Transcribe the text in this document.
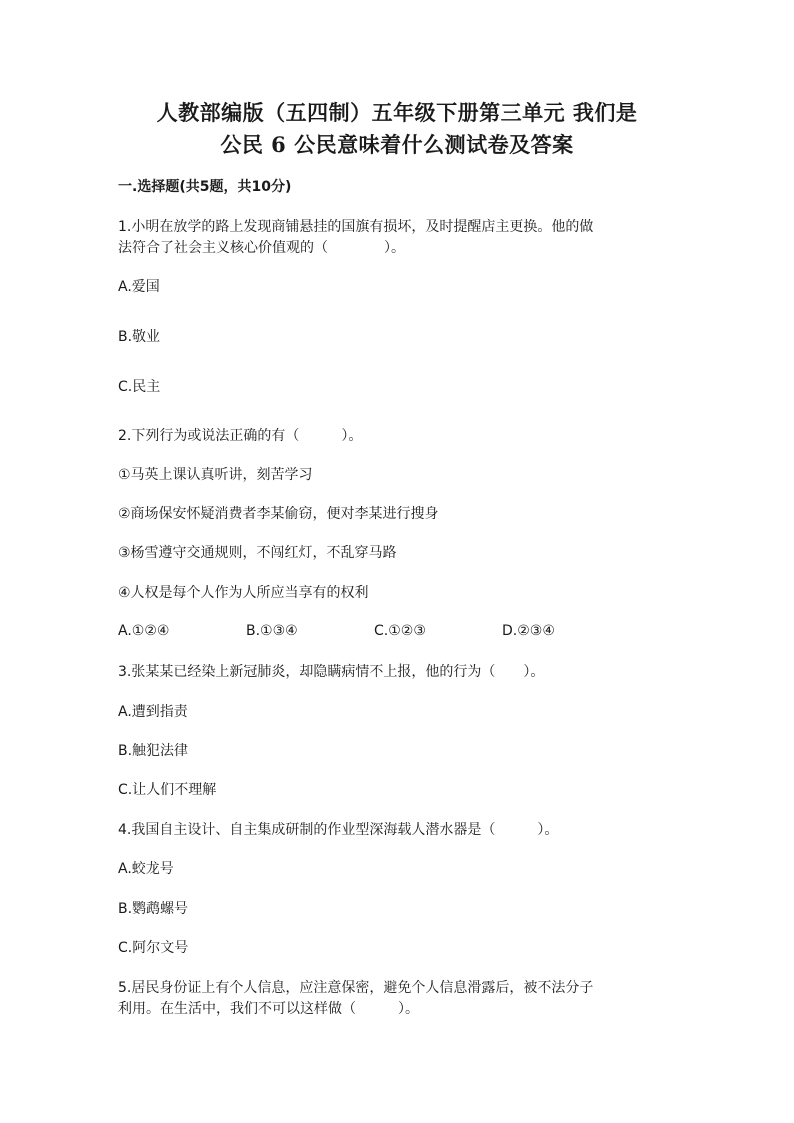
人教部编版（五四制）五年级下册第三单元 我们是
公民 6 公民意味着什么测试卷及答案
一.选择题(共5题，共10分)
1.小明在放学的路上发现商铺悬挂的国旗有损坏，及时提醒店主更换。他的做
法符合了社会主义核心价值观的（　　　　）。
A.爱国
B.敬业
C.民主
2.下列行为或说法正确的有（　　　）。
①马英上课认真听讲，刻苦学习
②商场保安怀疑消费者李某偷窃，便对李某进行搜身
③杨雪遵守交通规则，不闯红灯，不乱穿马路
④人权是每个人作为人所应当享有的权利
A.①②④	B.①③④	C.①②③	D.②③④
3.张某某已经染上新冠肺炎，却隐瞒病情不上报，他的行为（　　）。
A.遭到指责
B.触犯法律
C.让人们不理解
4.我国自主设计、自主集成研制的作业型深海载人潜水器是（　　　）。
A.蛟龙号
B.鹦鹉螺号
C.阿尔文号
5.居民身份证上有个人信息，应注意保密，避免个人信息滑露后，被不法分子
利用。在生活中，我们不可以这样做（　　　）。
